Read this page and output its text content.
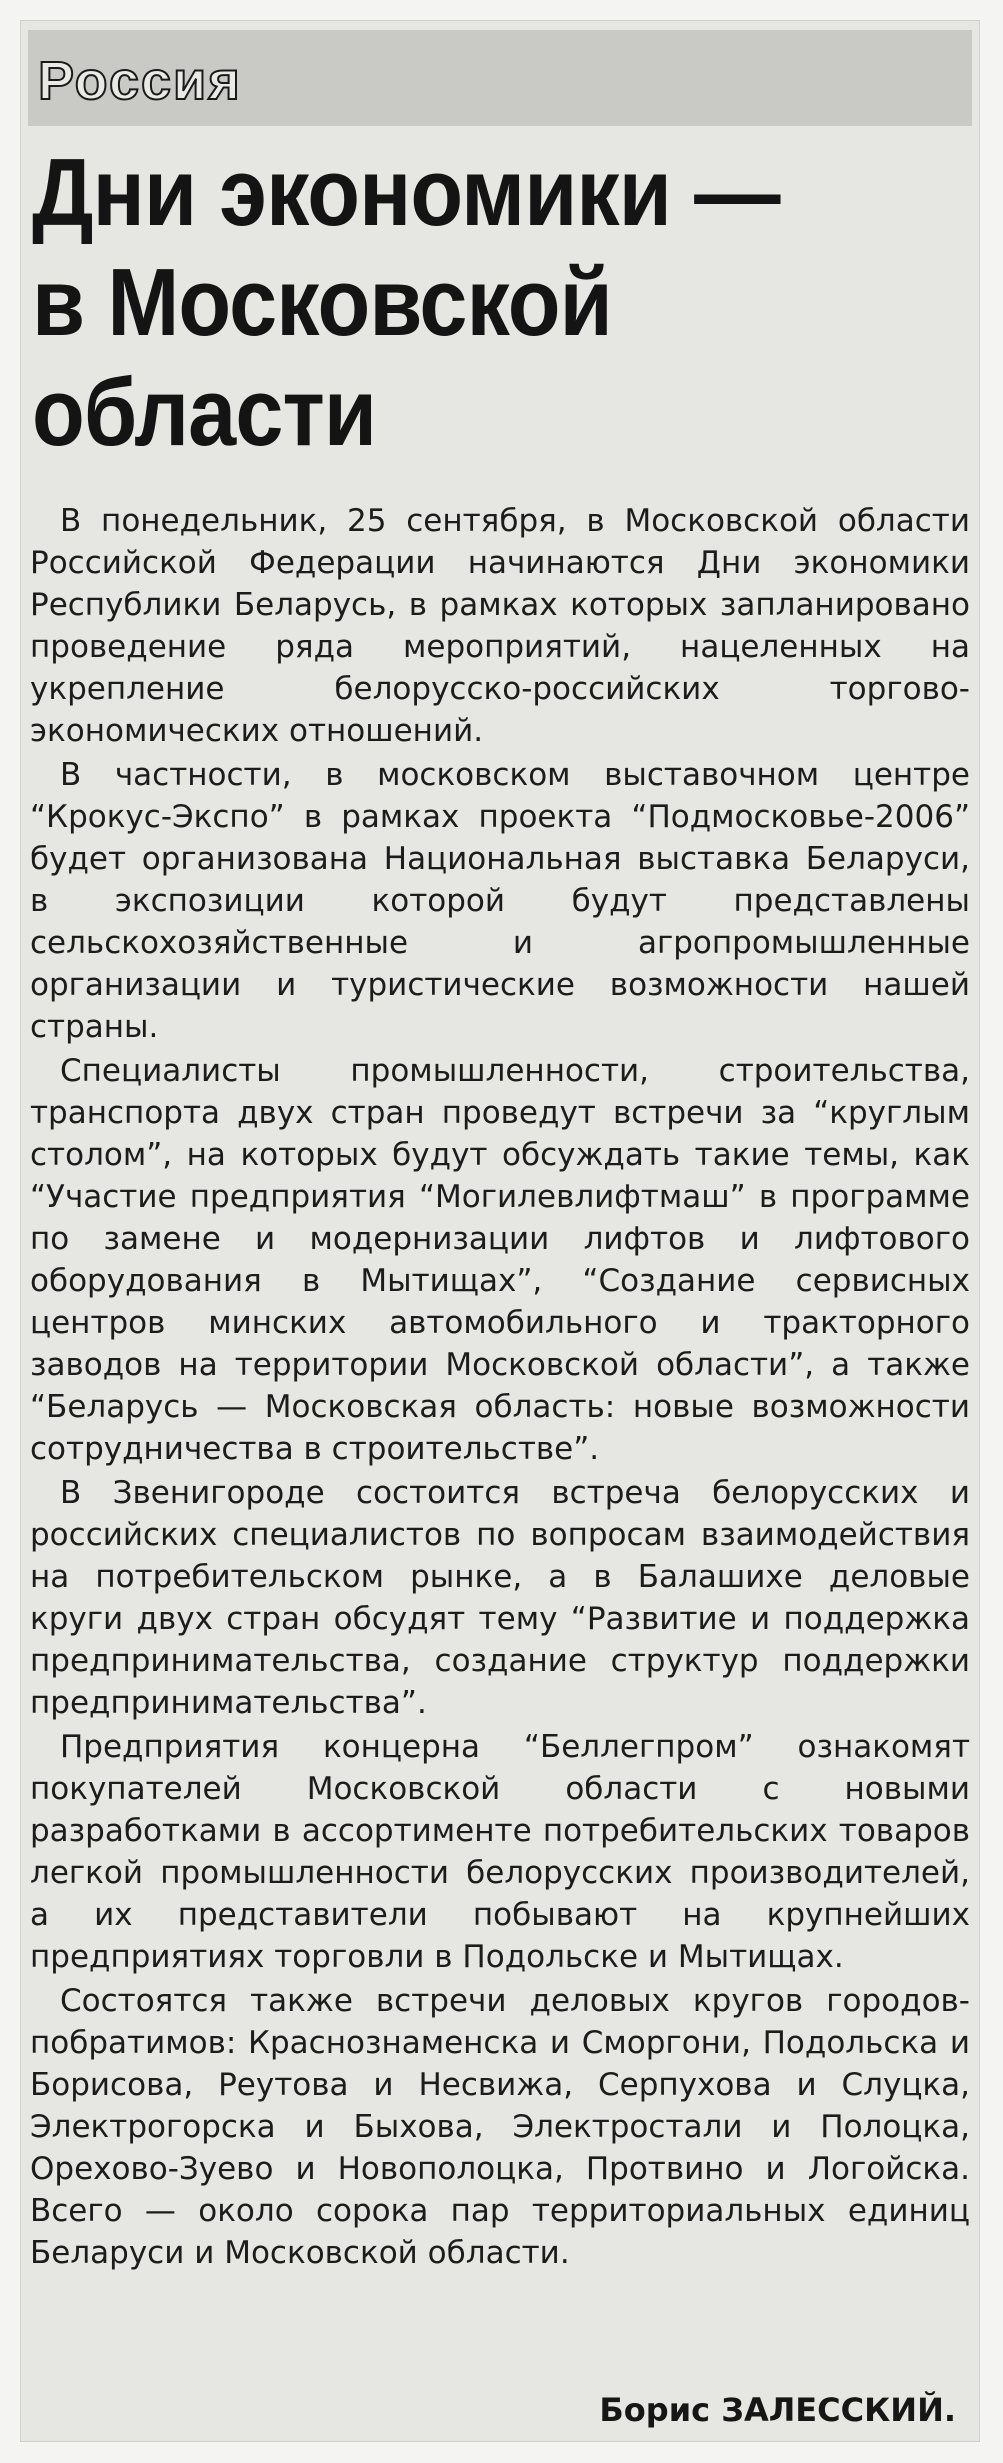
Россия
Дни экономики —
в Московской
области

В понедельник, 25 сентября, в Московской области Российской Федерации начинаются Дни экономики Республики Беларусь, в рамках которых запланировано проведение ряда мероприятий, нацеленных на укрепление белорусско-российских торгово-экономических отношений.

В частности, в московском выставочном центре “Крокус-Экспо” в рамках проекта “Подмосковье-2006” будет организована Национальная выставка Беларуси, в экспозиции которой будут представлены сельскохозяйственные и агропромышленные организации и туристические возможности нашей страны.

Специалисты промышленности, строительства, транспорта двух стран проведут встречи за “круглым столом”, на которых будут обсуждать такие темы, как “Участие предприятия “Могилевлифтмаш” в программе по замене и модернизации лифтов и лифтового оборудования в Мытищах”, “Создание сервисных центров минских автомобильного и тракторного заводов на территории Московской области”, а также “Беларусь — Московская область: новые возможности сотрудничества в строительстве”.

В Звенигороде состоится встреча белорусских и российских специалистов по вопросам взаимодействия на потребительском рынке, а в Балашихе деловые круги двух стран обсудят тему “Развитие и поддержка предпринимательства, создание структур поддержки предпринимательства”.

Предприятия концерна “Беллегпром” ознакомят покупателей Московской области с новыми разработками в ассортименте потребительских товаров легкой промышленности белорусских производителей, а их представители побывают на крупнейших предприятиях торговли в Подольске и Мытищах.

Состоятся также встречи деловых кругов городов-побратимов: Краснознаменска и Сморгони, Подольска и Борисова, Реутова и Несвижа, Серпухова и Слуцка, Электрогорска и Быхова, Электростали и Полоцка, Орехово-Зуево и Новополоцка, Протвино и Логойска. Всего — около сорока пар территориальных единиц Беларуси и Московской области.

Борис ЗАЛЕССКИЙ.
